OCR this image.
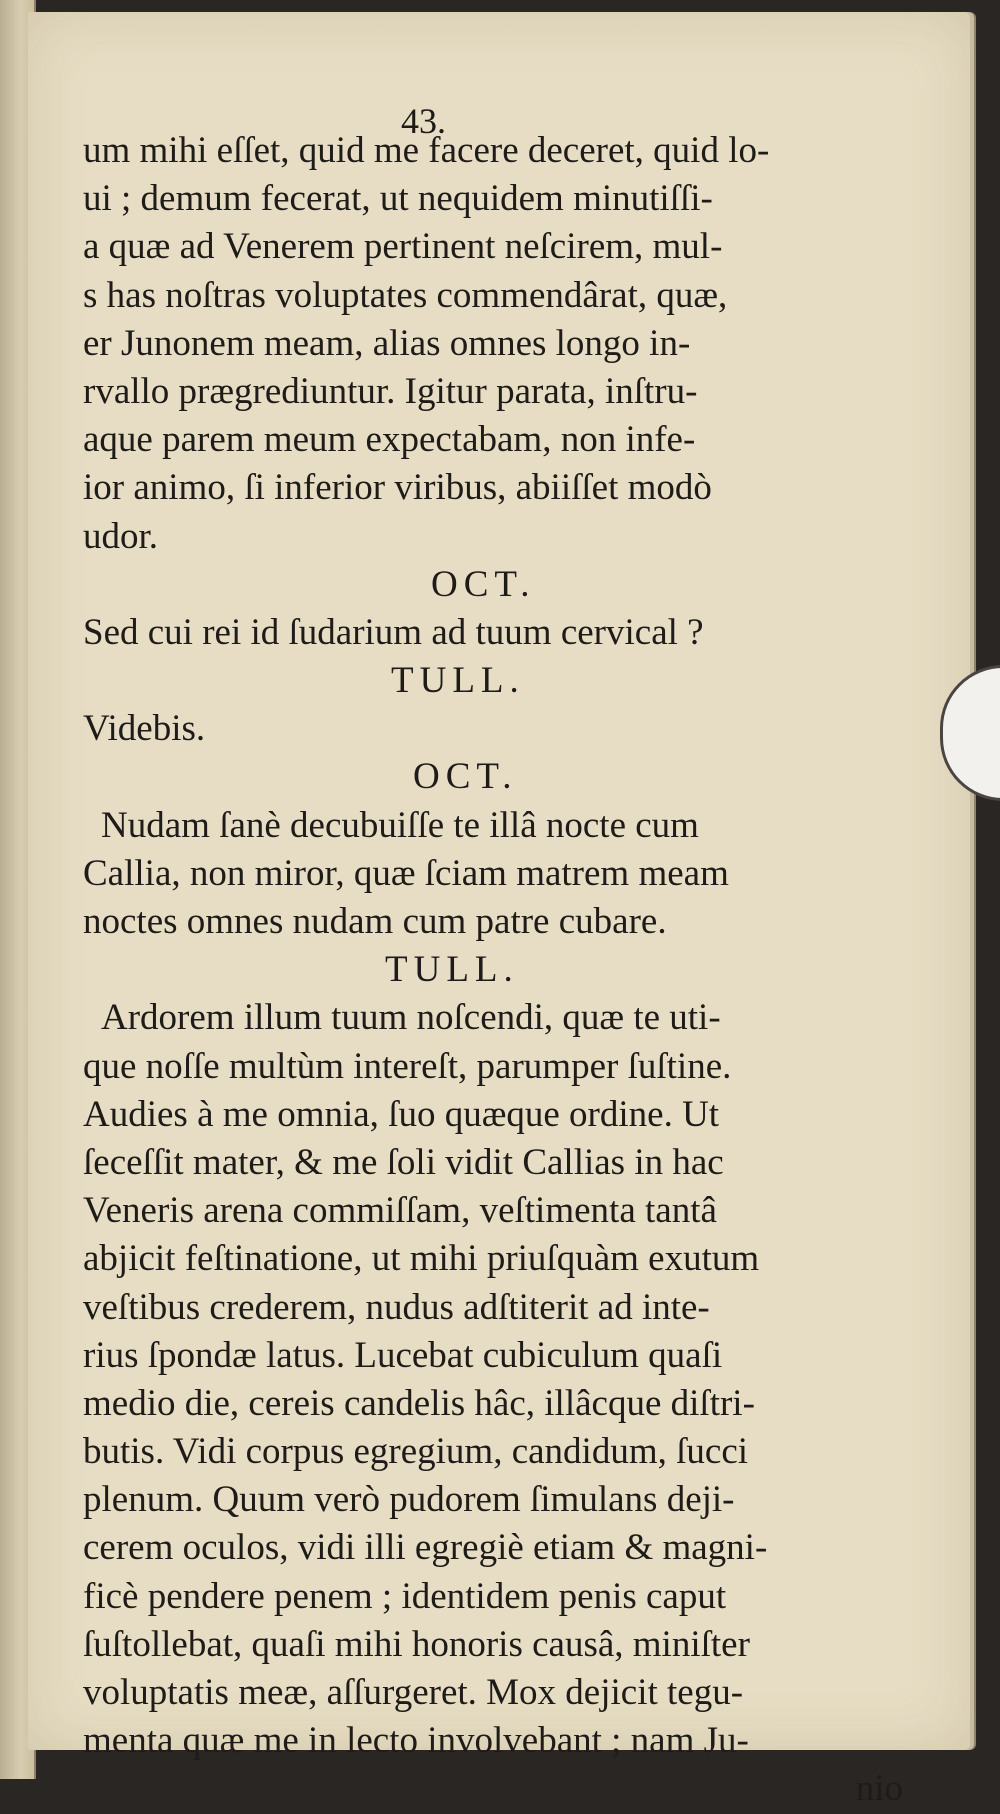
43.

um mihi eſſet, quid me facere deceret, quid lo-

ui ; demum fecerat, ut nequidem minutiſſi-

a quæ ad Venerem pertinent neſcirem, mul-

s has noſtras voluptates commendârat, quæ,

er Junonem meam, alias omnes longo in-

rvallo prægrediuntur. Igitur parata, inſtru-

aque parem meum expectabam, non infe-

ior animo, ſi inferior viribus, abiiſſet modò

udor.

OCT.

Sed cui rei id ſudarium ad tuum cervical ?

TULL.

Videbis.

OCT.

Nudam ſanè decubuiſſe te illâ nocte cum

Callia, non miror, quæ ſciam matrem meam

noctes omnes nudam cum patre cubare.

TULL.

Ardorem illum tuum noſcendi, quæ te uti-

que noſſe multùm intereſt, parumper ſuſtine.

Audies à me omnia, ſuo quæque ordine. Ut

ſeceſſit mater, & me ſoli vidit Callias in hac

Veneris arena commiſſam, veſtimenta tantâ

abjicit feſtinatione, ut mihi priuſquàm exutum

veſtibus crederem, nudus adſtiterit ad inte-

rius ſpondæ latus. Lucebat cubiculum quaſi

medio die, cereis candelis hâc, illâcque diſtri-

butis. Vidi corpus egregium, candidum, ſucci

plenum. Quum verò pudorem ſimulans deji-

cerem oculos, vidi illi egregiè etiam & magni-

ficè pendere penem ; identidem penis caput

ſuſtollebat, quaſi mihi honoris causâ, miniſter

voluptatis meæ, aſſurgeret. Mox dejicit tegu-

menta quæ me in lecto involvebant ; nam Ju-

nio
